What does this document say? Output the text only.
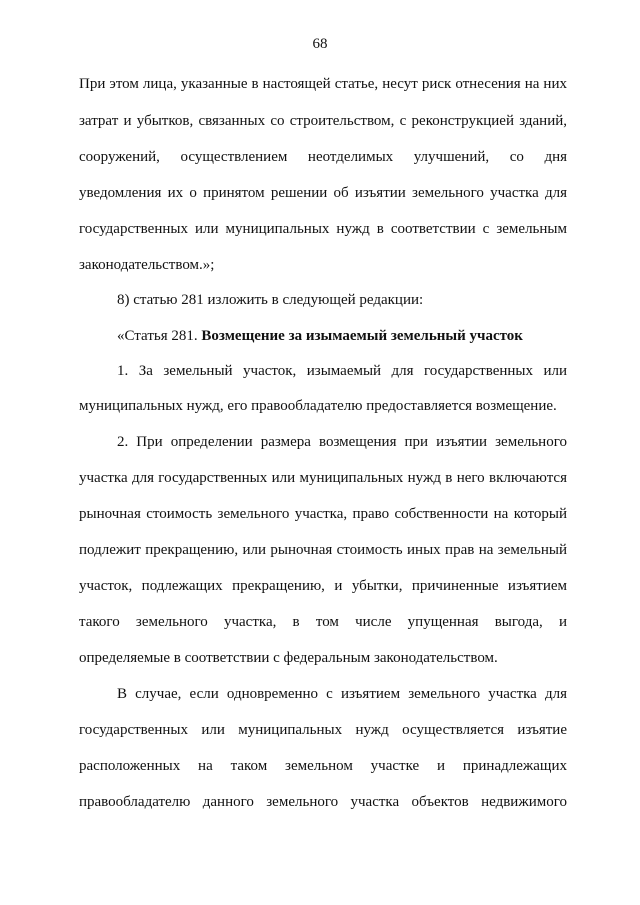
68
При этом лица, указанные в настоящей статье, несут риск отнесения на них
затрат и убытков, связанных со строительством, с реконструкцией зданий,
сооружений, осуществлением неотделимых улучшений, со дня
уведомления их о принятом решении об изъятии земельного участка для
государственных или муниципальных нужд в соответствии с земельным
законодательством.»;
8) статью 281 изложить в следующей редакции:
«Статья 281. Возмещение за изымаемый земельный участок
1. За земельный участок, изымаемый для государственных или
муниципальных нужд, его правообладателю предоставляется возмещение.
2. При определении размера возмещения при изъятии земельного
участка для государственных или муниципальных нужд в него включаются
рыночная стоимость земельного участка, право собственности на который
подлежит прекращению, или рыночная стоимость иных прав на земельный
участок, подлежащих прекращению, и убытки, причиненные изъятием
такого земельного участка, в том числе упущенная выгода, и
определяемые в соответствии с федеральным законодательством.
В случае, если одновременно с изъятием земельного участка для
государственных или муниципальных нужд осуществляется изъятие
расположенных на таком земельном участке и принадлежащих
правообладателю данного земельного участка объектов недвижимого
